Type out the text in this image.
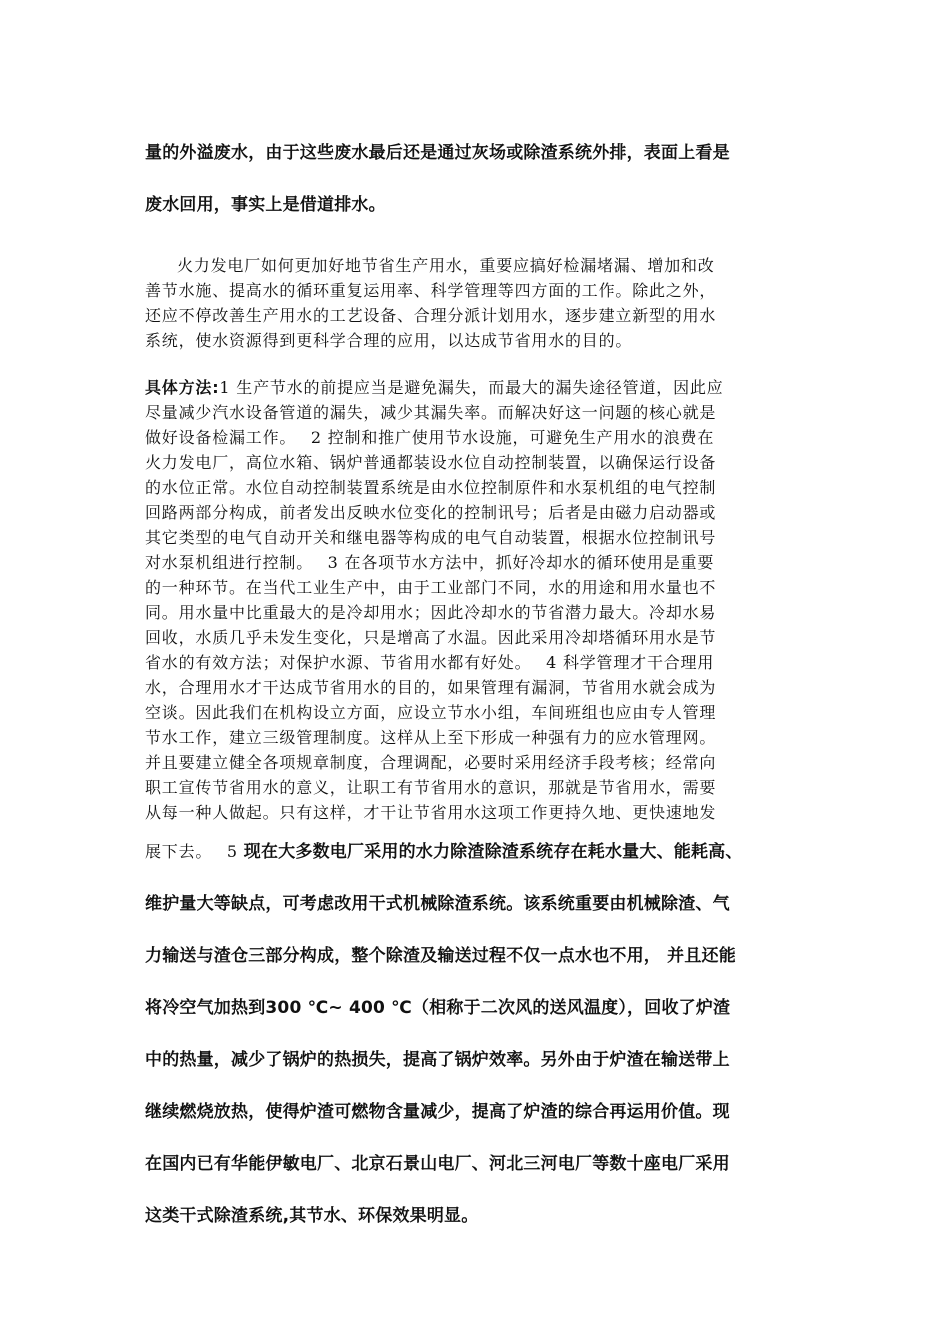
量的外溢废水，由于这些废水最后还是通过灰场或除渣系统外排，表面上看是

废水回用，事实上是借道排水。

火力发电厂如何更加好地节省生产用水，重要应搞好检漏堵漏、增加和改

善节水施、提高水的循环重复运用率、科学管理等四方面的工作。除此之外，

还应不停改善生产用水的工艺设备、合理分派计划用水，逐步建立新型的用水

系统，使水资源得到更科学合理的应用，以达成节省用水的目的。

具体方法:1 生产节水的前提应当是避免漏失，而最大的漏失途径管道，因此应

尽量减少汽水设备管道的漏失，减少其漏失率。而解决好这一问题的核心就是

做好设备检漏工作。　 2 控制和推广使用节水设施，可避免生产用水的浪费在

火力发电厂，高位水箱、锅炉普通都装设水位自动控制装置，以确保运行设备

的水位正常。水位自动控制装置系统是由水位控制原件和水泵机组的电气控制

回路两部分构成，前者发出反映水位变化的控制讯号；后者是由磁力启动器或

其它类型的电气自动开关和继电器等构成的电气自动装置，根据水位控制讯号

对水泵机组进行控制。　 3 在各项节水方法中，抓好冷却水的循环使用是重要

的一种环节。在当代工业生产中，由于工业部门不同，水的用途和用水量也不

同。用水量中比重最大的是冷却用水；因此冷却水的节省潜力最大。冷却水易

回收，水质几乎未发生变化，只是增高了水温。因此采用冷却塔循环用水是节

省水的有效方法；对保护水源、节省用水都有好处。　 4 科学管理才干合理用

水，合理用水才干达成节省用水的目的，如果管理有漏洞，节省用水就会成为

空谈。因此我们在机构设立方面，应设立节水小组，车间班组也应由专人管理

节水工作，建立三级管理制度。这样从上至下形成一种强有力的应水管理网。

并且要建立健全各项规章制度，合理调配，必要时采用经济手段考核；经常向

职工宣传节省用水的意义，让职工有节省用水的意识，那就是节省用水，需要

从每一种人做起。只有这样，才干让节省用水这项工作更持久地、更快速地发

展下去。　 5 现在大多数电厂采用的水力除渣除渣系统存在耗水量大、能耗高、

维护量大等缺点，可考虑改用干式机械除渣系统。该系统重要由机械除渣、气

力输送与渣仓三部分构成，整个除渣及输送过程不仅一点水也不用， 并且还能

将冷空气加热到300 ℃~ 400 ℃（相称于二次风的送风温度），回收了炉渣

中的热量，减少了锅炉的热损失，提高了锅炉效率。另外由于炉渣在输送带上

继续燃烧放热，使得炉渣可燃物含量减少，提高了炉渣的综合再运用价值。现

在国内已有华能伊敏电厂、北京石景山电厂、河北三河电厂等数十座电厂采用

这类干式除渣系统,其节水、环保效果明显。
